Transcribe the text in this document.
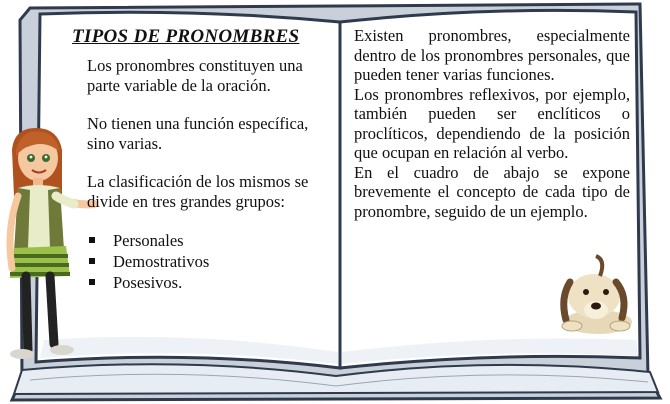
TIPOS DE PRONOMBRES

Los pronombres constituyen una parte variable de la oración.

No tienen una función específica, sino varias.

La clasificación de los mismos se divide en tres grandes grupos:

Personales
Demostrativos
Posesivos.

Existen pronombres, especialmente dentro de los pronombres personales, que pueden tener varias funciones.

Los pronombres reflexivos, por ejemplo, también pueden ser enclíticos o proclíticos, dependiendo de la posición que ocupan en relación al verbo.

En el cuadro de abajo se expone brevemente el concepto de cada tipo de pronombre, seguido de un ejemplo.
